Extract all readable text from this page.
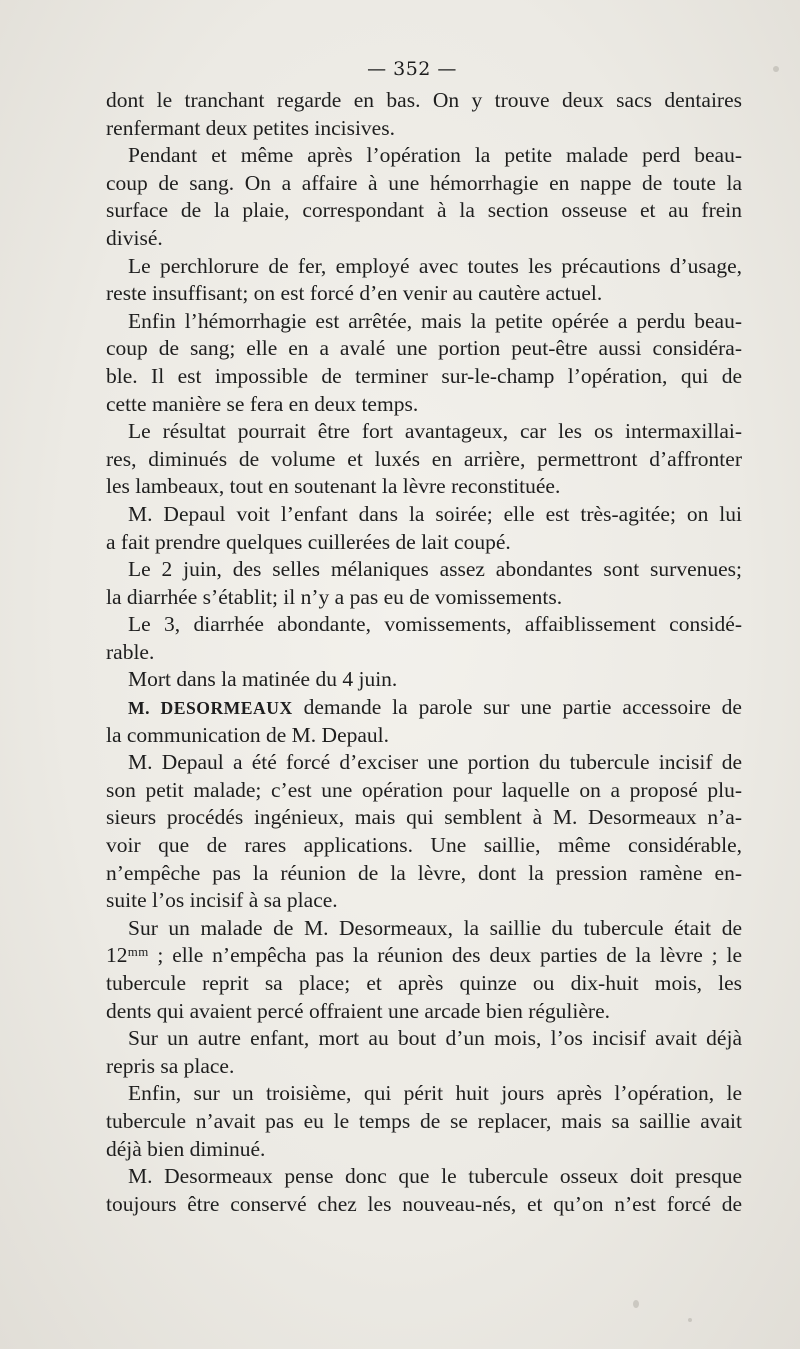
— 352 —
dont le tranchant regarde en bas. On y trouve deux sacs dentaires
renfermant deux petites incisives.
Pendant et même après l’opération la petite malade perd beau-
coup de sang. On a affaire à une hémorrhagie en nappe de toute la
surface de la plaie, correspondant à la section osseuse et au frein
divisé.
Le perchlorure de fer, employé avec toutes les précautions d’usage,
reste insuffisant; on est forcé d’en venir au cautère actuel.
Enfin l’hémorrhagie est arrêtée, mais la petite opérée a perdu beau-
coup de sang; elle en a avalé une portion peut-être aussi considéra-
ble. Il est impossible de terminer sur-le-champ l’opération, qui de
cette manière se fera en deux temps.
Le résultat pourrait être fort avantageux, car les os intermaxillai-
res, diminués de volume et luxés en arrière, permettront d’affronter
les lambeaux, tout en soutenant la lèvre reconstituée.
M. Depaul voit l’enfant dans la soirée; elle est très-agitée; on lui
a fait prendre quelques cuillerées de lait coupé.
Le 2 juin, des selles mélaniques assez abondantes sont survenues;
la diarrhée s’établit; il n’y a pas eu de vomissements.
Le 3, diarrhée abondante, vomissements, affaiblissement considé-
rable.
Mort dans la matinée du 4 juin.
M. DESORMEAUX demande la parole sur une partie accessoire de
la communication de M. Depaul.
M. Depaul a été forcé d’exciser une portion du tubercule incisif de
son petit malade; c’est une opération pour laquelle on a proposé plu-
sieurs procédés ingénieux, mais qui semblent à M. Desormeaux n’a-
voir que de rares applications. Une saillie, même considérable,
n’empêche pas la réunion de la lèvre, dont la pression ramène en-
suite l’os incisif à sa place.
Sur un malade de M. Desormeaux, la saillie du tubercule était de
12ᵐᵐ ; elle n’empêcha pas la réunion des deux parties de la lèvre ; le
tubercule reprit sa place; et après quinze ou dix-huit mois, les
dents qui avaient percé offraient une arcade bien régulière.
Sur un autre enfant, mort au bout d’un mois, l’os incisif avait déjà
repris sa place.
Enfin, sur un troisième, qui périt huit jours après l’opération, le
tubercule n’avait pas eu le temps de se replacer, mais sa saillie avait
déjà bien diminué.
M. Desormeaux pense donc que le tubercule osseux doit presque
toujours être conservé chez les nouveau-nés, et qu’on n’est forcé de
